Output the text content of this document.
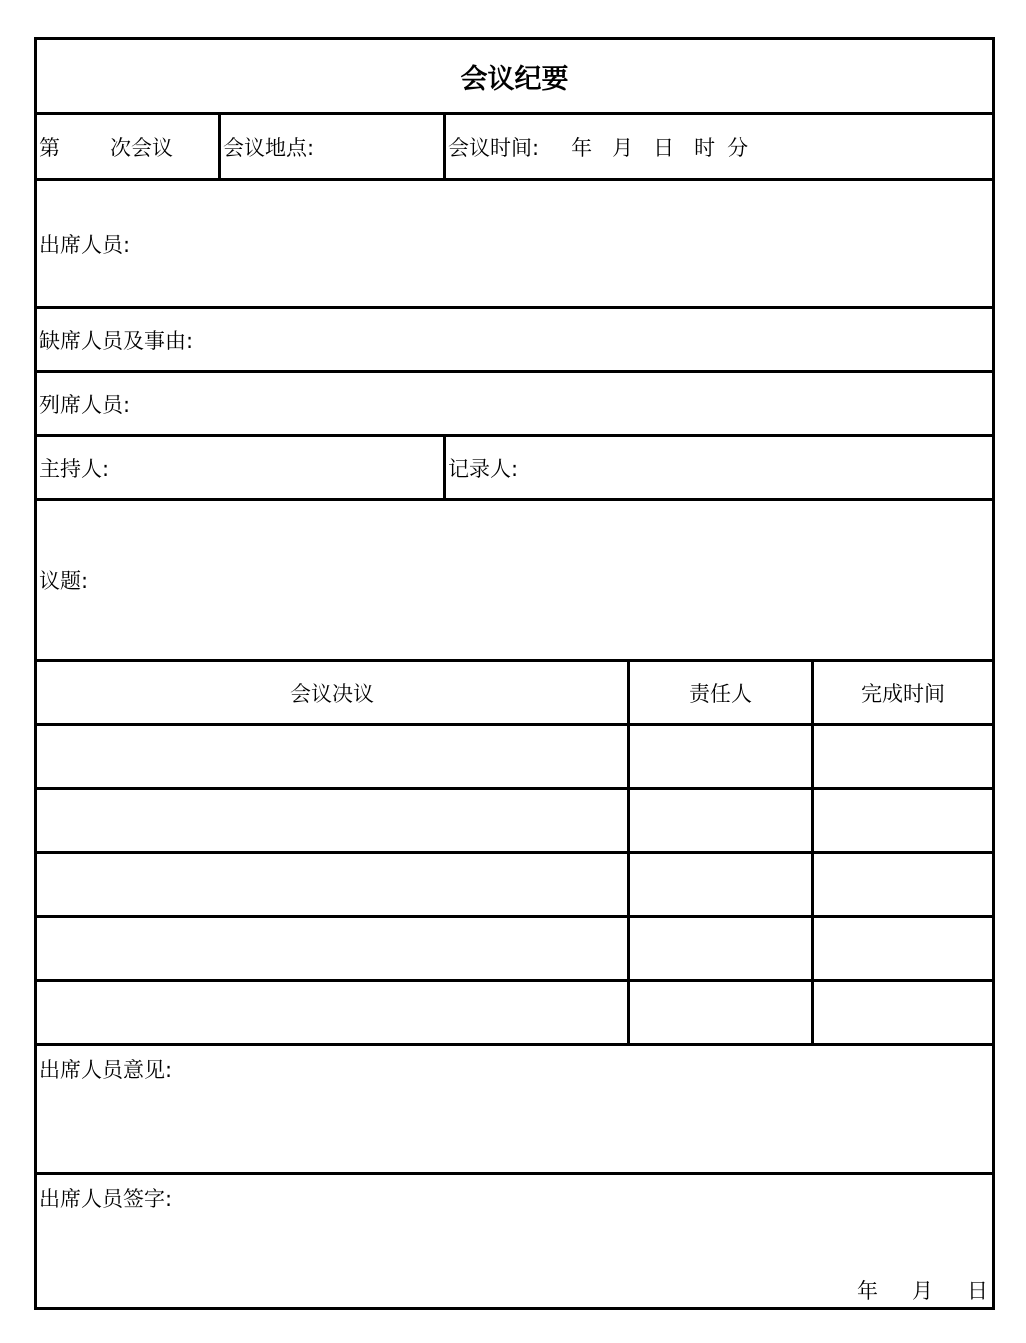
会议纪要
第 次会议 会议地点:	会议时间: 年 月 日 时 分
出席人员:
缺席人员及事由:
列席人员:
主持人:	记录人:
议题:
会议决议	责任人	完成时间
出席人员意见:
出席人员签字:
年 月 日
